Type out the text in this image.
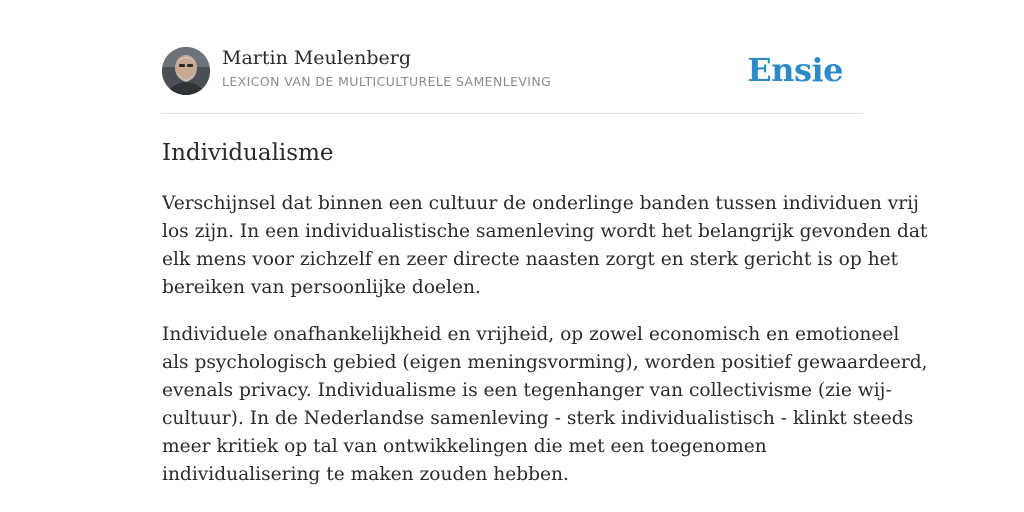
Martin Meulenberg
LEXICON VAN DE MULTICULTURELE SAMENLEVING	Ensie
Individualisme

Verschijnsel dat binnen een cultuur de onderlinge banden tussen individuen vrij
los zijn. In een individualistische samenleving wordt het belangrijk gevonden dat
elk mens voor zichzelf en zeer directe naasten zorgt en sterk gericht is op het
bereiken van persoonlijke doelen.

Individuele onafhankelijkheid en vrijheid, op zowel economisch en emotioneel
als psychologisch gebied (eigen meningsvorming), worden positief gewaardeerd,
evenals privacy. Individualisme is een tegenhanger van collectivisme (zie wij-
cultuur). In de Nederlandse samenleving - sterk individualistisch - klinkt steeds
meer kritiek op tal van ontwikkelingen die met een toegenomen
individualisering te maken zouden hebben.
